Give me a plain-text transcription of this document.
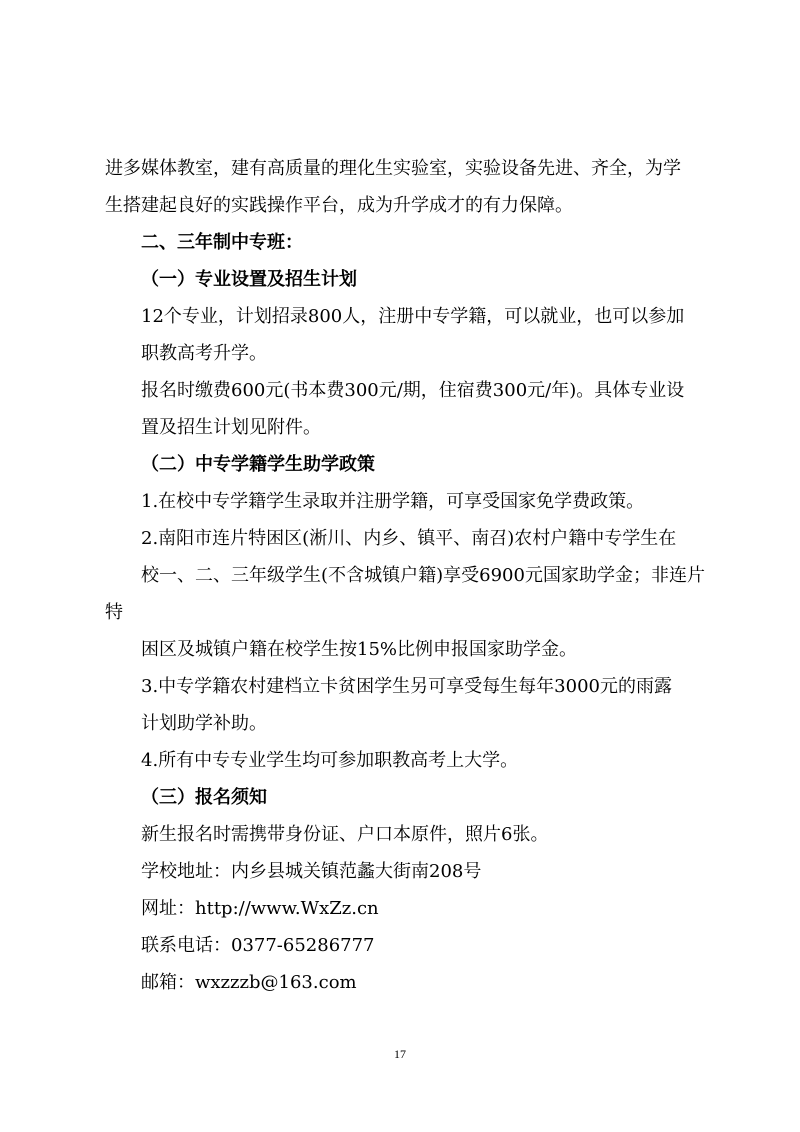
进多媒体教室，建有高质量的理化生实验室，实验设备先进、齐全，为学
生搭建起良好的实践操作平台，成为升学成才的有力保障。

二、三年制中专班：

（一）专业设置及招生计划

12个专业，计划招录800人，注册中专学籍，可以就业，也可以参加
职教高考升学。

报名时缴费600元(书本费300元/期，住宿费300元/年)。具体专业设
置及招生计划见附件。

（二）中专学籍学生助学政策

1.在校中专学籍学生录取并注册学籍，可享受国家免学费政策。

2.南阳市连片特困区(淅川、内乡、镇平、南召)农村户籍中专学生在
校一、二、三年级学生(不含城镇户籍)享受6900元国家助学金；非连片特
困区及城镇户籍在校学生按15%比例申报国家助学金。

3.中专学籍农村建档立卡贫困学生另可享受每生每年3000元的雨露
计划助学补助。

4.所有中专专业学生均可参加职教高考上大学。

（三）报名须知

新生报名时需携带身份证、户口本原件，照片6张。

学校地址：内乡县城关镇范蠡大街南208号

网址：http://www.WxZz.cn

联系电话：0377-65286777

邮箱：wxzzzb@163.com

17
